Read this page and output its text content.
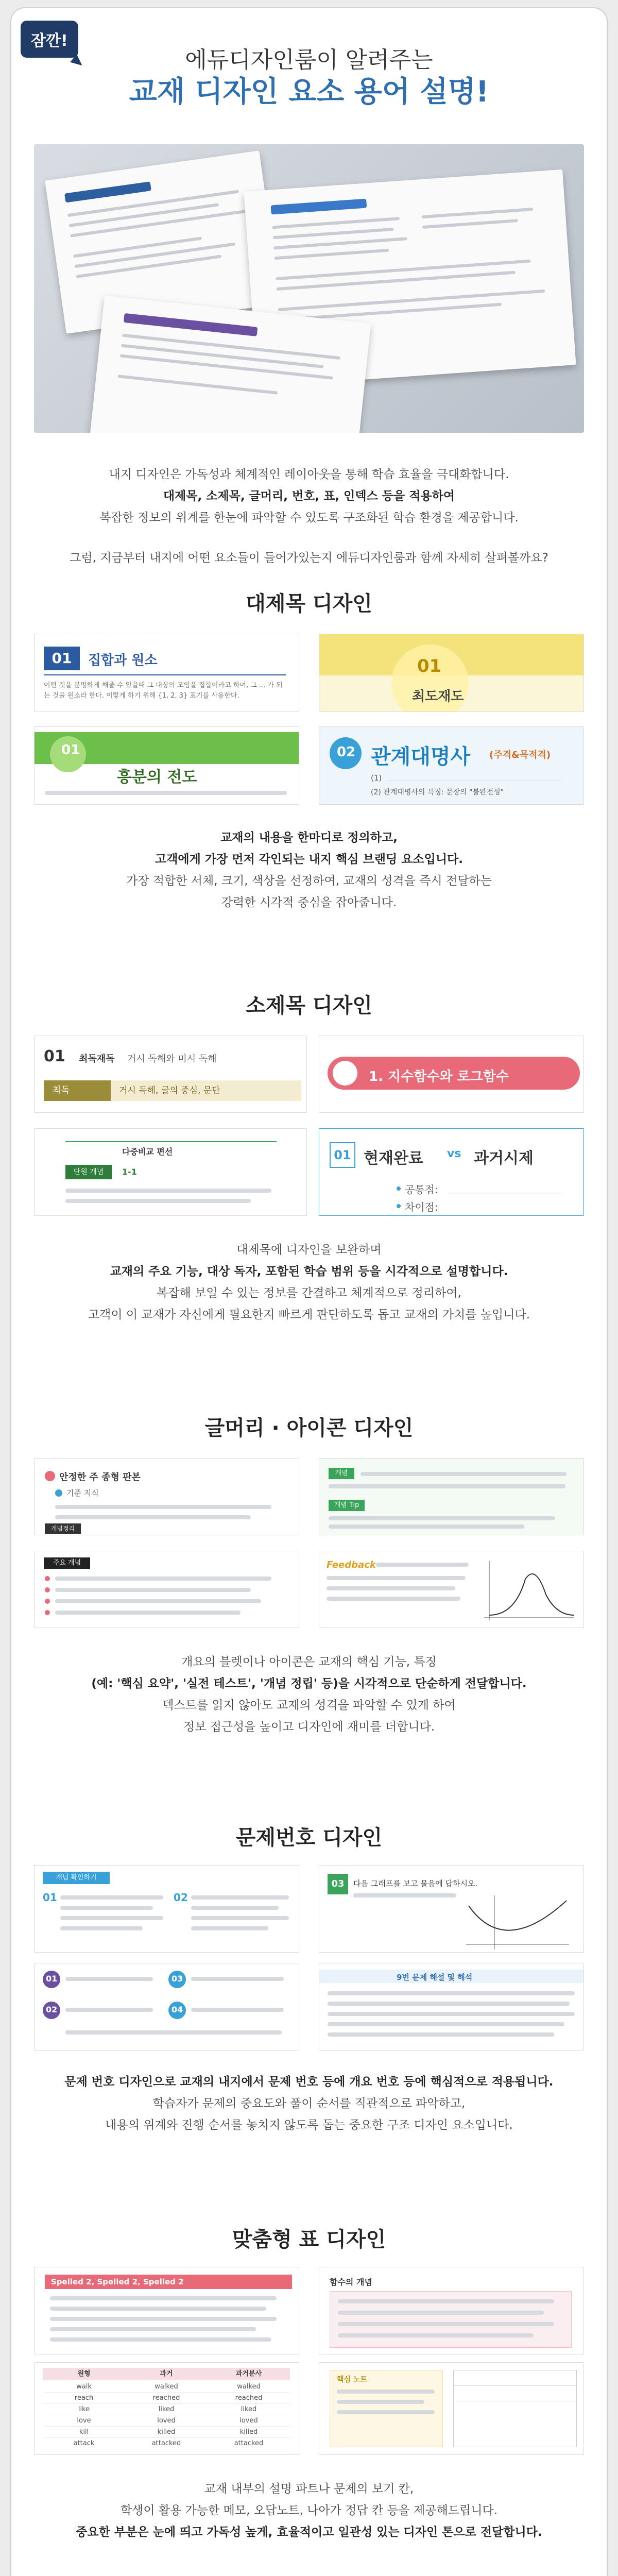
잠깐!
에듀디자인룸이 알려주는
교재 디자인 요소 용어 설명!
내지 디자인은 가독성과 체계적인 레이아웃을 통해 학습 효율을 극대화합니다.
대제목, 소제목, 글머리, 번호, 표, 인덱스 등을 적용하여
복잡한 정보의 위계를 한눈에 파악할 수 있도록 구조화된 학습 환경을 제공합니다.
그럼, 지금부터 내지에 어떤 요소들이 들어가있는지 에듀디자인룸과 함께 자세히 살펴볼까요?
대제목 디자인
01	집합과 원소
어떤 것을 분명하게 해줄 수 있을때 그 대상의 모임을 집합이라고 하며, 그 ... 가 되는 것을 원소라 한다. 이렇게 하기 위해 {1, 2, 3} 표기를 사용한다.
01
최도재도
01
흥분의 전도
02 관계대명사 (주격&목적격)
(1)
(2) 관계대명사의 특징: 문장의 "불완전성"
교재의 내용을 한마디로 정의하고,
고객에게 가장 먼저 각인되는 내지 핵심 브랜딩 요소입니다.
가장 적합한 서체, 크기, 색상을 선정하여, 교재의 성격을 즉시 전달하는
강력한 시각적 중심을 잡아줍니다.
소제목 디자인
01 최독재독 거시 독해와 미시 독해
최독	거시 독해, 글의 중심, 문단
1. 지수함수와 로그함수
다중비교 편선
단원 개념	1-1
01 현재완료 vs 과거시제
공통점:
차이점:
대제목에 디자인을 보완하며
교재의 주요 기능, 대상 독자, 포함된 학습 범위 등을 시각적으로 설명합니다.
복잡해 보일 수 있는 정보를 간결하고 체계적으로 정리하여,
고객이 이 교재가 자신에게 필요한지 빠르게 판단하도록 돕고 교재의 가치를 높입니다.
글머리 · 아이콘 디자인
안정한 주 종형 판본
기준 지식
개념정리
개념
개념 Tip
주요 개념	Feedback
개요의 블렛이나 아이콘은 교재의 핵심 기능, 특징
(예: '핵심 요약', '실전 테스트', '개념 정립' 등)을 시각적으로 단순하게 전달합니다.
텍스트를 읽지 않아도 교재의 성격을 파악할 수 있게 하여
정보 접근성을 높이고 디자인에 재미를 더합니다.
문제번호 디자인
개념 확인하기
01	02
03	다음 그래프를 보고 물음에 답하시오.
01
02
03
04
9번 문제 해설 및 해석
문제 번호 디자인으로 교재의 내지에서 문제 번호 등에 개요 번호 등에 핵심적으로 적용됩니다.
학습자가 문제의 중요도와 풀이 순서를 직관적으로 파악하고,
내용의 위계와 진행 순서를 놓치지 않도록 돕는 중요한 구조 디자인 요소입니다.
맞춤형 표 디자인
Spelled 2, Spelled 2, Spelled 2	함수의 개념
원형	과거	과거분사
walk	walked	walked
reach	reached	reached
like	liked	liked
love	loved	loved
kill	killed	killed
attack	attacked	attacked
핵심 노트
교재 내부의 설명 파트나 문제의 보기 칸,
학생이 활용 가능한 메모, 오답노트, 나아가 정답 칸 등을 제공해드립니다.
중요한 부분은 눈에 띄고 가독성 높게, 효율적이고 일관성 있는 디자인 톤으로 전달합니다.
